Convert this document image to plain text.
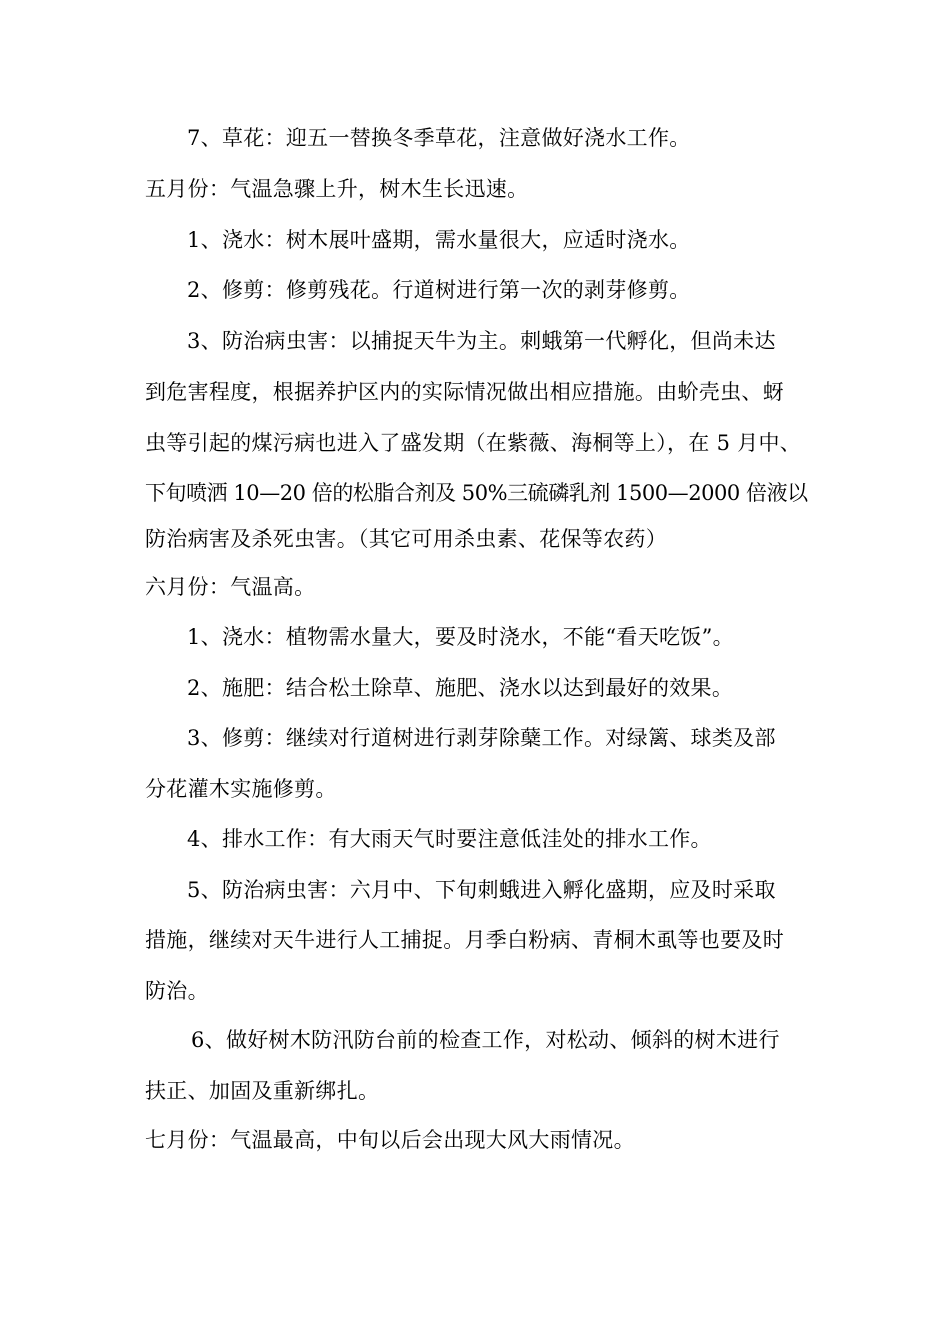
7、草花：迎五一替换冬季草花，注意做好浇水工作。
五月份：气温急骤上升，树木生长迅速。
1、浇水：树木展叶盛期，需水量很大，应适时浇水。
2、修剪：修剪残花。行道树进行第一次的剥芽修剪。
3、防治病虫害：以捕捉天牛为主。刺蛾第一代孵化，但尚未达
到危害程度，根据养护区内的实际情况做出相应措施。由蚧壳虫、蚜
虫等引起的煤污病也进入了盛发期（在紫薇、海桐等上），在 5 月中、
下旬喷洒 10—20 倍的松脂合剂及 50%三硫磷乳剂 1500—2000 倍液以
防治病害及杀死虫害。（其它可用杀虫素、花保等农药）
六月份：气温高。
1、浇水：植物需水量大，要及时浇水，不能“看天吃饭”。
2、施肥：结合松土除草、施肥、浇水以达到最好的效果。
3、修剪：继续对行道树进行剥芽除蘖工作。对绿篱、球类及部
分花灌木实施修剪。
4、排水工作：有大雨天气时要注意低洼处的排水工作。
5、防治病虫害：六月中、下旬刺蛾进入孵化盛期，应及时采取
措施，继续对天牛进行人工捕捉。月季白粉病、青桐木虱等也要及时
防治。
6、做好树木防汛防台前的检查工作，对松动、倾斜的树木进行
扶正、加固及重新绑扎。
七月份：气温最高，中旬以后会出现大风大雨情况。
